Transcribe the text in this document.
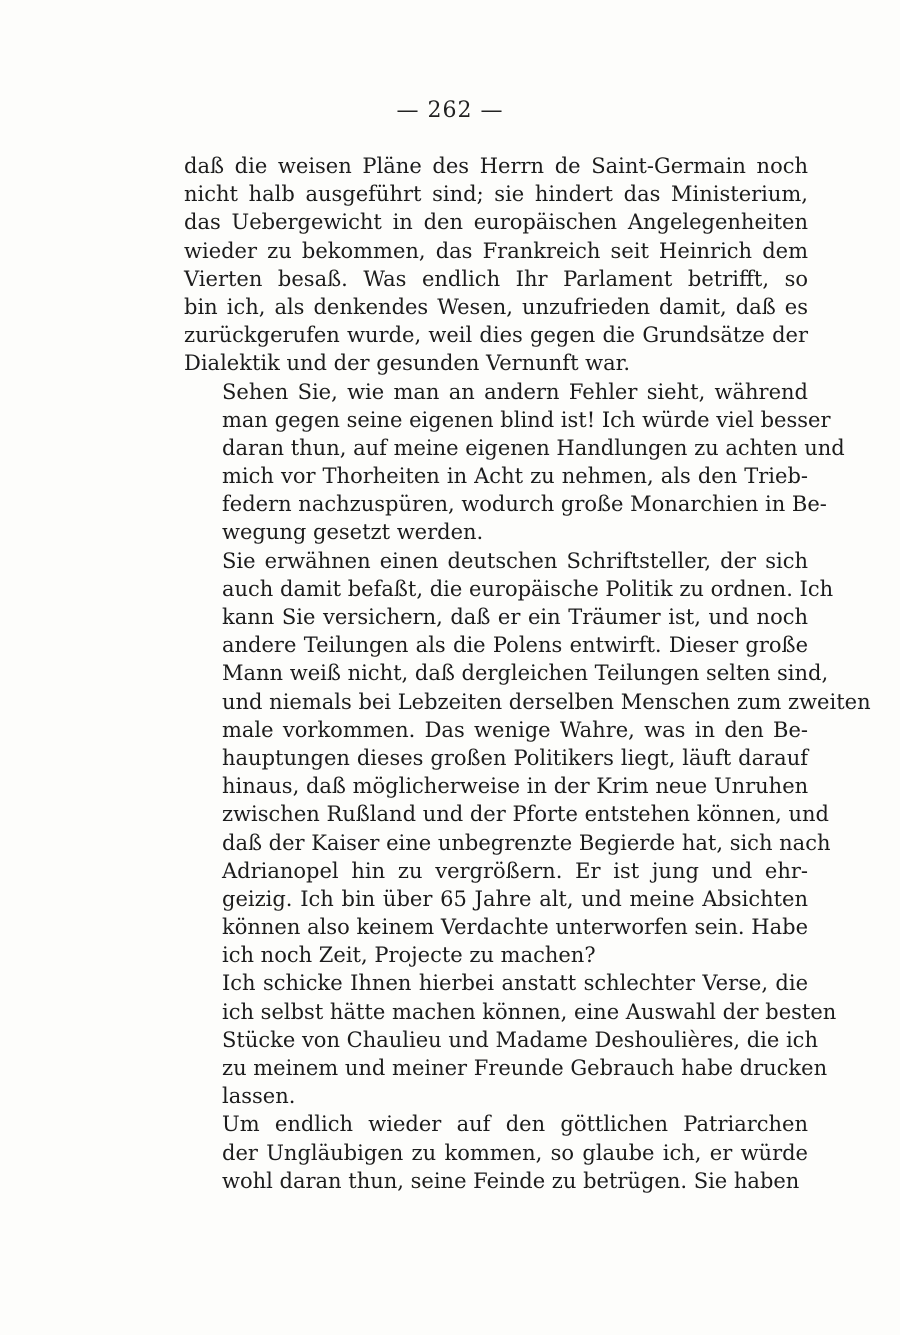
— 262 —
daß die weisen Pläne des Herrn de Saint-Germain noch
nicht halb ausgeführt sind; sie hindert das Ministerium,
das Uebergewicht in den europäischen Angelegenheiten
wieder zu bekommen, das Frankreich seit Heinrich dem
Vierten besaß. Was endlich Ihr Parlament betrifft, so
bin ich, als denkendes Wesen, unzufrieden damit, daß es
zurückgerufen wurde, weil dies gegen die Grundsätze der
Dialektik und der gesunden Vernunft war.
Sehen Sie, wie man an andern Fehler sieht, während
man gegen seine eigenen blind ist! Ich würde viel besser
daran thun, auf meine eigenen Handlungen zu achten und
mich vor Thorheiten in Acht zu nehmen, als den Trieb-
federn nachzuspüren, wodurch große Monarchien in Be-
wegung gesetzt werden.
Sie erwähnen einen deutschen Schriftsteller, der sich
auch damit befaßt, die europäische Politik zu ordnen. Ich
kann Sie versichern, daß er ein Träumer ist, und noch
andere Teilungen als die Polens entwirft. Dieser große
Mann weiß nicht, daß dergleichen Teilungen selten sind,
und niemals bei Lebzeiten derselben Menschen zum zweiten
male vorkommen. Das wenige Wahre, was in den Be-
hauptungen dieses großen Politikers liegt, läuft darauf
hinaus, daß möglicherweise in der Krim neue Unruhen
zwischen Rußland und der Pforte entstehen können, und
daß der Kaiser eine unbegrenzte Begierde hat, sich nach
Adrianopel hin zu vergrößern. Er ist jung und ehr-
geizig. Ich bin über 65 Jahre alt, und meine Absichten
können also keinem Verdachte unterworfen sein. Habe
ich noch Zeit, Projecte zu machen?
Ich schicke Ihnen hierbei anstatt schlechter Verse, die
ich selbst hätte machen können, eine Auswahl der besten
Stücke von Chaulieu und Madame Deshoulières, die ich
zu meinem und meiner Freunde Gebrauch habe drucken
lassen.
Um endlich wieder auf den göttlichen Patriarchen
der Ungläubigen zu kommen, so glaube ich, er würde
wohl daran thun, seine Feinde zu betrügen. Sie haben
